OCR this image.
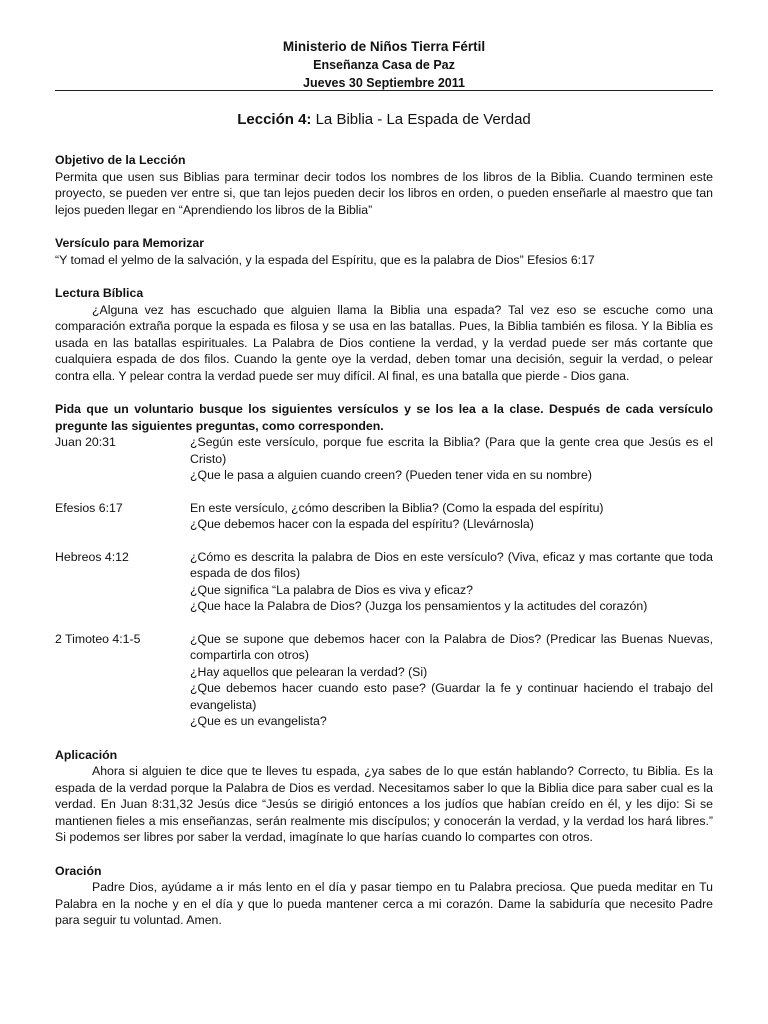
Ministerio de Niños Tierra Fértil
Enseñanza Casa de Paz
Jueves 30 Septiembre 2011
Lección 4: La Biblia - La Espada de Verdad
Objetivo de la Lección

Permita que usen sus Biblias para terminar decir todos los nombres de los libros de la Biblia. Cuando terminen este proyecto, se pueden ver entre si, que tan lejos pueden decir los libros en orden, o pueden enseñarle al maestro que tan lejos pueden llegar en “Aprendiendo los libros de la Biblia”

Versículo para Memorizar

“Y tomad el yelmo de la salvación, y la espada del Espíritu, que es la palabra de Dios” Efesios 6:17

Lectura Bíblica

¿Alguna vez has escuchado que alguien llama la Biblia una espada? Tal vez eso se escuche como una comparación extraña porque la espada es filosa y se usa en las batallas. Pues, la Biblia también es filosa. Y la Biblia es usada en las batallas espirituales. La Palabra de Dios contiene la verdad, y la verdad puede ser más cortante que cualquiera espada de dos filos. Cuando la gente oye la verdad, deben tomar una decisión, seguir la verdad, o pelear contra ella. Y pelear contra la verdad puede ser muy difícil. Al final, es una batalla que pierde - Dios gana.

Pida que un voluntario busque los siguientes versículos y se los lea a la clase. Después de cada versículo pregunte las siguientes preguntas, como corresponden.

Juan 20:31	¿Según este versículo, porque fue escrita la Biblia? (Para que la gente crea que Jesús es el Cristo)
¿Que le pasa a alguien cuando creen? (Pueden tener vida en su nombre)
Efesios 6:17	En este versículo, ¿cómo describen la Biblia? (Como la espada del espíritu)
¿Que debemos hacer con la espada del espíritu? (Llevárnosla)
Hebreos 4:12	¿Cómo es descrita la palabra de Dios en este versículo? (Viva, eficaz y mas cortante que toda espada de dos filos)
¿Que significa “La palabra de Dios es viva y eficaz?
¿Que hace la Palabra de Dios? (Juzga los pensamientos y la actitudes del corazón)
2 Timoteo 4:1-5	¿Que se supone que debemos hacer con la Palabra de Dios? (Predicar las Buenas Nuevas, compartirla con otros)
¿Hay aquellos que pelearan la verdad? (Si)
¿Que debemos hacer cuando esto pase? (Guardar la fe y continuar haciendo el trabajo del evangelista)
¿Que es un evangelista?
Aplicación

Ahora si alguien te dice que te lleves tu espada, ¿ya sabes de lo que están hablando? Correcto, tu Biblia. Es la espada de la verdad porque la Palabra de Dios es verdad. Necesitamos saber lo que la Biblia dice para saber cual es la verdad. En Juan 8:31,32 Jesús dice “Jesús se dirigió entonces a los judíos que habían creído en él, y les dijo: Si se mantienen fieles a mis enseñanzas, serán realmente mis discípulos; y conocerán la verdad, y la verdad los hará libres.” Si podemos ser libres por saber la verdad, imagínate lo que harías cuando lo compartes con otros.

Oración

Padre Dios, ayúdame a ir más lento en el día y pasar tiempo en tu Palabra preciosa. Que pueda meditar en Tu Palabra en la noche y en el día y que lo pueda mantener cerca a mi corazón. Dame la sabiduría que necesito Padre para seguir tu voluntad. Amen.
